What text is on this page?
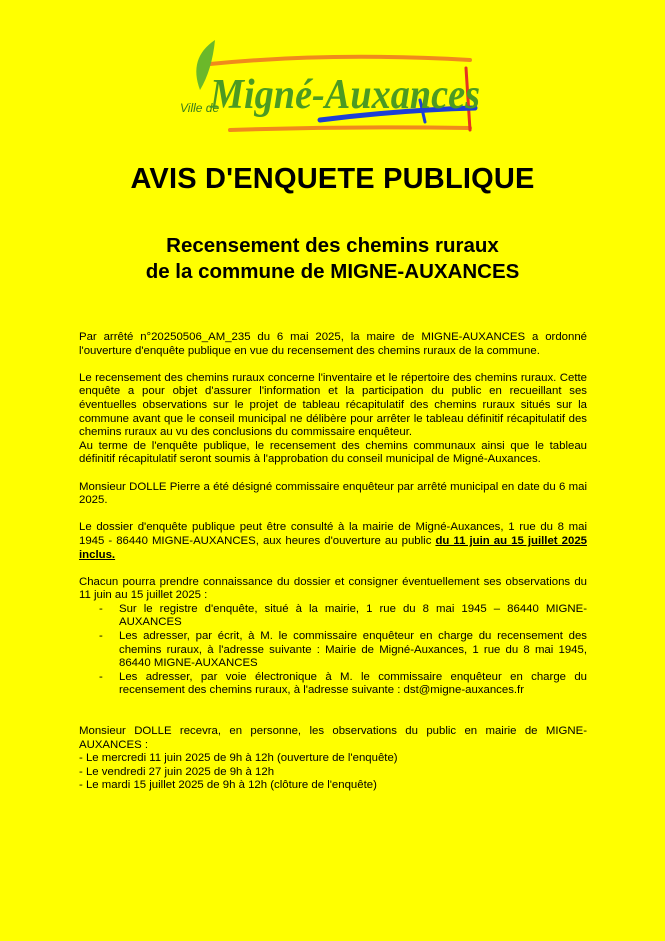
Ville de
Migné-Auxances
AVIS D'ENQUETE PUBLIQUE
Recensement des chemins ruraux
de la commune de MIGNE-AUXANCES

Par arrêté n°20250506_AM_235 du 6 mai 2025, la maire de MIGNE-AUXANCES a ordonné l'ouverture d'enquête publique en vue du recensement des chemins ruraux de la commune.

Le recensement des chemins ruraux concerne l'inventaire et le répertoire des chemins ruraux. Cette enquête a pour objet d'assurer l'information et la participation du public en recueillant ses éventuelles observations sur le projet de tableau récapitulatif des chemins ruraux situés sur la commune avant que le conseil municipal ne délibère pour arrêter le tableau définitif récapitulatif des chemins ruraux au vu des conclusions du commissaire enquêteur.

Au terme de l'enquête publique, le recensement des chemins communaux ainsi que le tableau définitif récapitulatif seront soumis à l'approbation du conseil municipal de Migné-Auxances.

Monsieur DOLLE Pierre a été désigné commissaire enquêteur par arrêté municipal en date du 6 mai 2025.

Le dossier d'enquête publique peut être consulté à la mairie de Migné-Auxances, 1 rue du 8 mai 1945 - 86440 MIGNE-AUXANCES, aux heures d'ouverture au public du 11 juin au 15 juillet 2025 inclus.

Chacun pourra prendre connaissance du dossier et consigner éventuellement ses observations du 11 juin au 15 juillet 2025 :

- Sur le registre d'enquête, situé à la mairie, 1 rue du 8 mai 1945 – 86440 MIGNE-AUXANCES
- Les adresser, par écrit, à M. le commissaire enquêteur en charge du recensement des chemins ruraux, à l'adresse suivante : Mairie de Migné-Auxances, 1 rue du 8 mai 1945, 86440 MIGNE-AUXANCES
- Les adresser, par voie électronique à M. le commissaire enquêteur en charge du recensement des chemins ruraux, à l'adresse suivante : dst@migne-auxances.fr

Monsieur DOLLE recevra, en personne, les observations du public en mairie de MIGNE-AUXANCES :

- Le mercredi 11 juin 2025 de 9h à 12h (ouverture de l'enquête)
- Le vendredi 27 juin 2025 de 9h à 12h
- Le mardi 15 juillet 2025 de 9h à 12h (clôture de l'enquête)
